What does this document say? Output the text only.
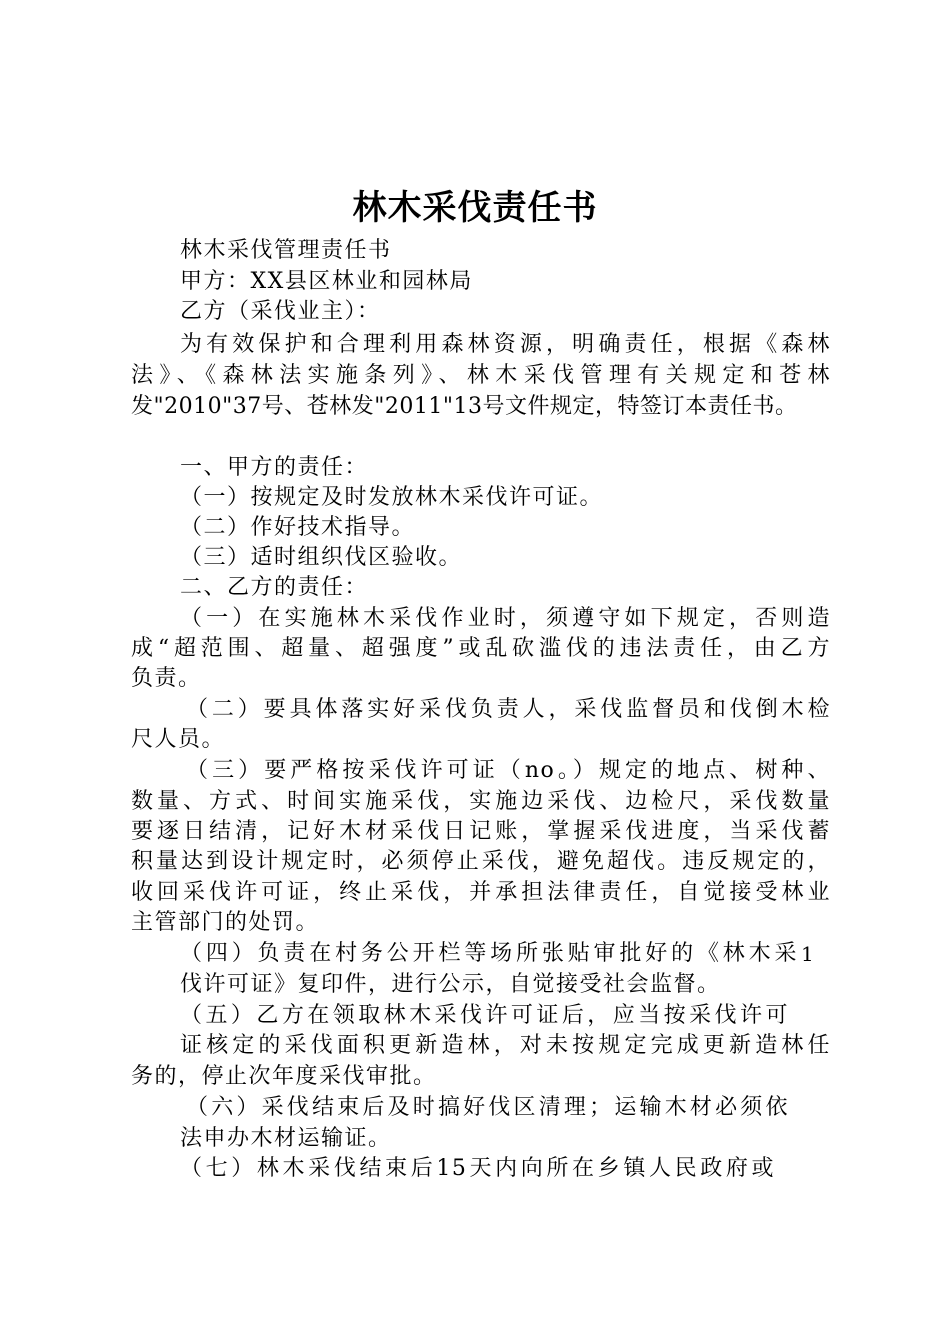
林木采伐责任书
林木采伐管理责任书
甲方：XX县区林业和园林局
乙方（采伐业主）：
为有效保护和合理利用森林资源，明确责任，根据《森林
法》、《森林法实施条列》、林木采伐管理有关规定和苍林
发"2010"37号、苍林发"2011"13号文件规定，特签订本责任书。
一、甲方的责任：
（一）按规定及时发放林木采伐许可证。
（二）作好技术指导。
（三）适时组织伐区验收。
二、乙方的责任：
（一）在实施林木采伐作业时，须遵守如下规定，否则造
成“超范围、超量、超强度”或乱砍滥伐的违法责任，由乙方
负责。
（二）要具体落实好采伐负责人，采伐监督员和伐倒木检
尺人员。
（三）要严格按采伐许可证（no。）规定的地点、树种、
数量、方式、时间实施采伐，实施边采伐、边检尺，采伐数量
要逐日结清，记好木材采伐日记账，掌握采伐进度，当采伐蓄
积量达到设计规定时，必须停止采伐，避免超伐。违反规定的，
收回采伐许可证，终止采伐，并承担法律责任，自觉接受林业
主管部门的处罚。
（四）负责在村务公开栏等场所张贴审批好的《林木采 1
伐许可证》复印件，进行公示，自觉接受社会监督。
（五）乙方在领取林木采伐许可证后，应当按采伐许可
证核定的采伐面积更新造林，对未按规定完成更新造林任
务的，停止次年度采伐审批。
（六）采伐结束后及时搞好伐区清理；运输木材必须依
法申办木材运输证。
（七）林木采伐结束后15天内向所在乡镇人民政府或
